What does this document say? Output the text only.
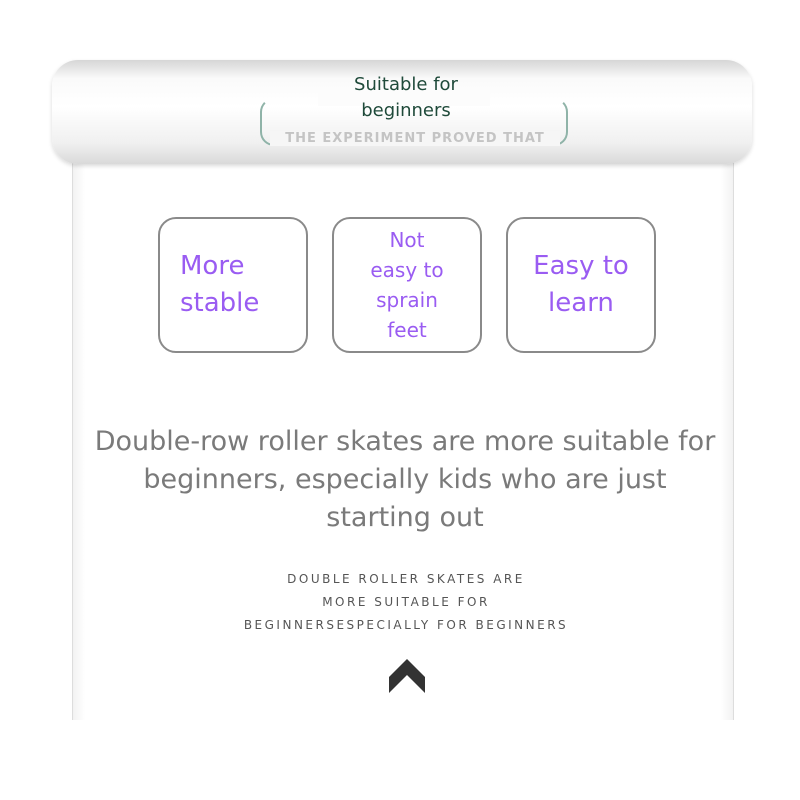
Suitable for
beginners
THE EXPERIMENT PROVED THAT
More
stable
Not
easy to
sprain
feet
Easy to
learn
Double-row roller skates are more suitable for
beginners, especially kids who are just
starting out
DOUBLE ROLLER SKATES ARE
MORE SUITABLE FOR
BEGINNERSESPECIALLY FOR BEGINNERS
